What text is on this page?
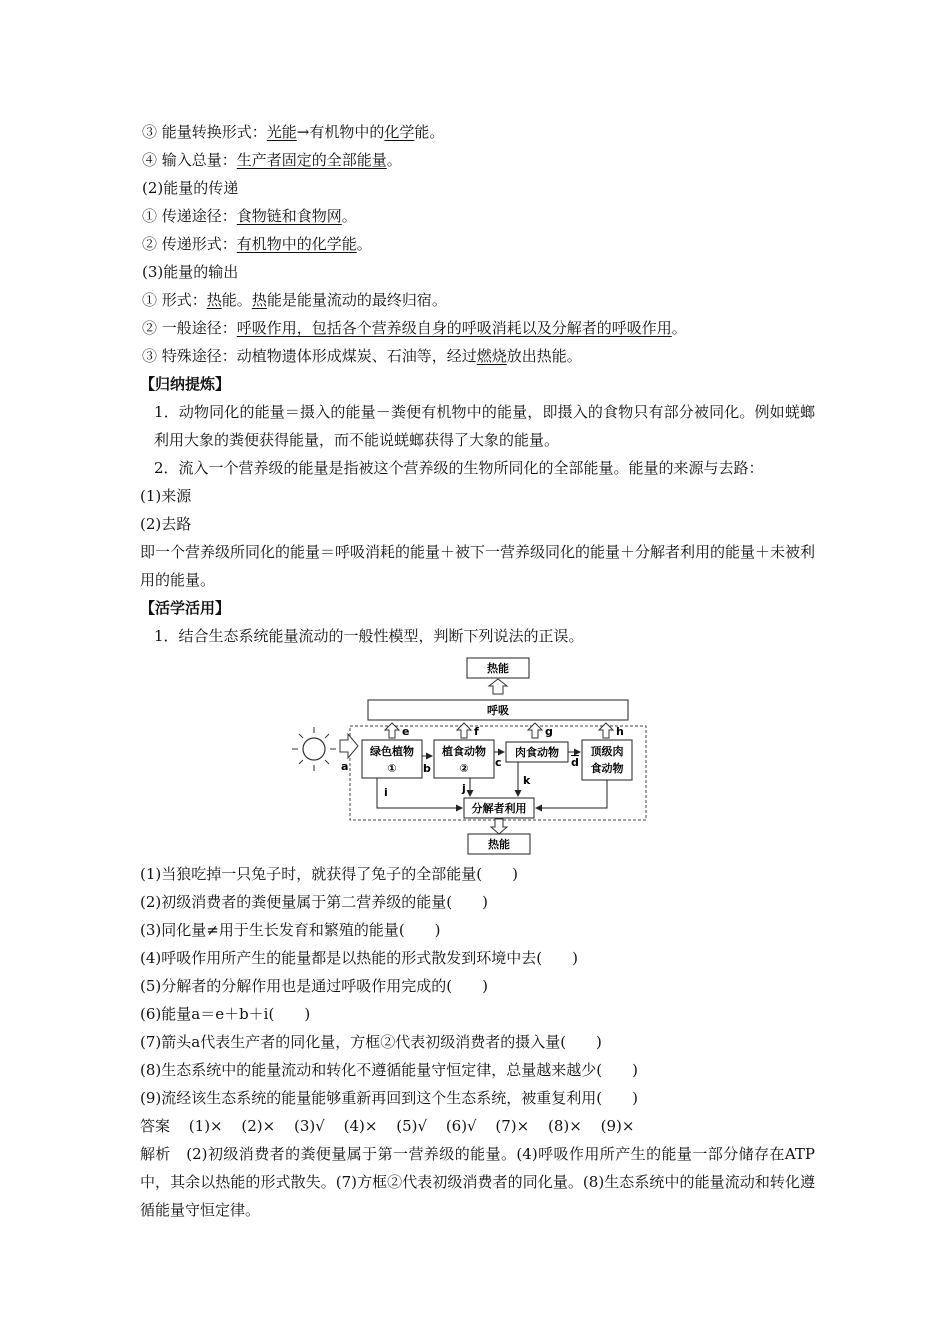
③ 能量转换形式：光能→有机物中的化学能。
④ 输入总量：生产者固定的全部能量。
(2)能量的传递
① 传递途径：食物链和食物网。
② 传递形式：有机物中的化学能。
(3)能量的输出
① 形式：热能。热能是能量流动的最终归宿。
② 一般途径：呼吸作用，包括各个营养级自身的呼吸消耗以及分解者的呼吸作用。
③ 特殊途径：动植物遗体形成煤炭、石油等，经过燃烧放出热能。
【归纳提炼】
1．动物同化的能量＝摄入的能量－粪便有机物中的能量，即摄入的食物只有部分被同化。例如蜣螂利用大象的粪便获得能量，而不能说蜣螂获得了大象的能量。
2．流入一个营养级的能量是指被这个营养级的生物所同化的全部能量。能量的来源与去路：
(1)来源
(2)去路
即一个营养级所同化的能量＝呼吸消耗的能量＋被下一营养级同化的能量＋分解者利用的能量＋未被利用的能量。
【活学活用】
1．结合生态系统能量流动的一般性模型，判断下列说法的正误。
热能
呼吸
e	f	g	h
a
绿色植物
① b
植食动物
② c
肉食动物
d
顶级肉
食动物
分解者利用
i	j
k
热能
(1)当狼吃掉一只兔子时，就获得了兔子的全部能量(　　)
(2)初级消费者的粪便量属于第二营养级的能量(　　)
(3)同化量≠用于生长发育和繁殖的能量(　　)
(4)呼吸作用所产生的能量都是以热能的形式散发到环境中去(　　)
(5)分解者的分解作用也是通过呼吸作用完成的(　　)
(6)能量a＝e＋b＋i(　　)
(7)箭头a代表生产者的同化量，方框②代表初级消费者的摄入量(　　)
(8)生态系统中的能量流动和转化不遵循能量守恒定律，总量越来越少(　　)
(9)流经该生态系统的能量能够重新再回到这个生态系统，被重复利用(　　)
答案 (1)× (2)× (3)√ (4)× (5)√ (6)√ (7)× (8)× (9)×
解析　(2)初级消费者的粪便量属于第一营养级的能量。(4)呼吸作用所产生的能量一部分储存在ATP中，其余以热能的形式散失。(7)方框②代表初级消费者的同化量。(8)生态系统中的能量流动和转化遵循能量守恒定律。
